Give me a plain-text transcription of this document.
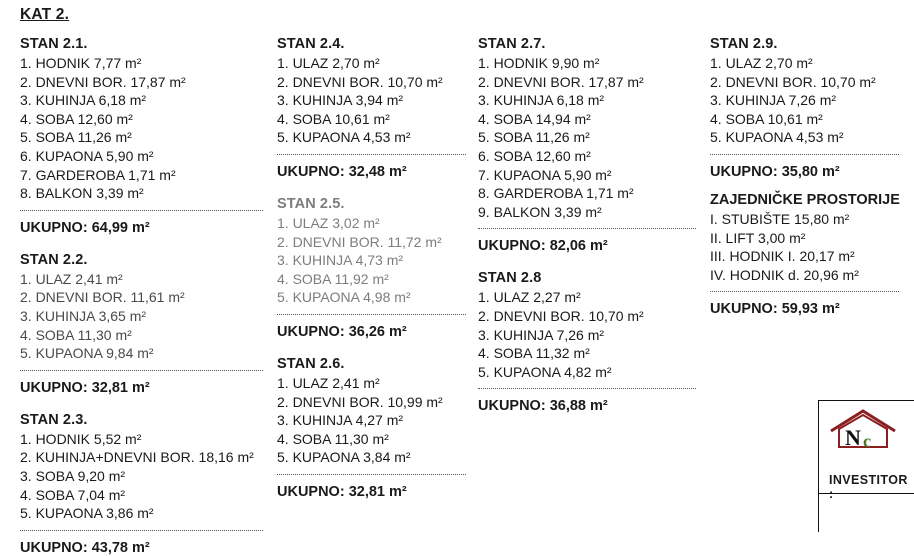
KAT 2.
STAN 2.1.
1. HODNIK 7,77 m²
2. DNEVNI BOR. 17,87 m²
3. KUHINJA 6,18 m²
4. SOBA 12,60 m²
5. SOBA 11,26 m²
6. KUPAONA 5,90 m²
7. GARDEROBA 1,71 m²
8. BALKON 3,39 m²
UKUPNO: 64,99 m²
STAN 2.2.
1. ULAZ 2,41 m²
2. DNEVNI BOR. 11,61 m²
3. KUHINJA 3,65 m²
4. SOBA 11,30 m²
5. KUPAONA 9,84 m²
UKUPNO: 32,81 m²
STAN 2.3.
1. HODNIK 5,52 m²
2. KUHINJA+DNEVNI BOR. 18,16 m²
3. SOBA 9,20 m²
4. SOBA 7,04 m²
5. KUPAONA 3,86 m²
UKUPNO: 43,78 m²
STAN 2.4.
1. ULAZ 2,70 m²
2. DNEVNI BOR. 10,70 m²
3. KUHINJA 3,94 m²
4. SOBA 10,61 m²
5. KUPAONA 4,53 m²
UKUPNO: 32,48 m²
STAN 2.5.
1. ULAZ 3,02 m²
2. DNEVNI BOR. 11,72 m²
3. KUHINJA 4,73 m²
4. SOBA 11,92 m²
5. KUPAONA 4,98 m²
UKUPNO: 36,26 m²
STAN 2.6.
1. ULAZ 2,41 m²
2. DNEVNI BOR. 10,99 m²
3. KUHINJA 4,27 m²
4. SOBA 11,30 m²
5. KUPAONA 3,84 m²
UKUPNO: 32,81 m²
STAN 2.7.
1. HODNIK 9,90 m²
2. DNEVNI BOR. 17,87 m²
3. KUHINJA 6,18 m²
4. SOBA 14,94 m²
5. SOBA 11,26 m²
6. SOBA 12,60 m²
7. KUPAONA 5,90 m²
8. GARDEROBA 1,71 m²
9. BALKON 3,39 m²
UKUPNO: 82,06 m²
STAN 2.8
1. ULAZ 2,27 m²
2. DNEVNI BOR. 10,70 m²
3. KUHINJA 7,26 m²
4. SOBA 11,32 m²
5. KUPAONA 4,82 m²
UKUPNO: 36,88 m²
STAN 2.9.
1. ULAZ 2,70 m²
2. DNEVNI BOR. 10,70 m²
3. KUHINJA 7,26 m²
4. SOBA 10,61 m²
5. KUPAONA 4,53 m²
UKUPNO: 35,80 m²
ZAJEDNIČKE PROSTORIJE
I. STUBIŠTE 15,80 m²
II. LIFT 3,00 m²
III. HODNIK I. 20,17 m²
IV. HODNIK d. 20,96 m²
UKUPNO: 59,93 m²
N c
INVESTITOR :
